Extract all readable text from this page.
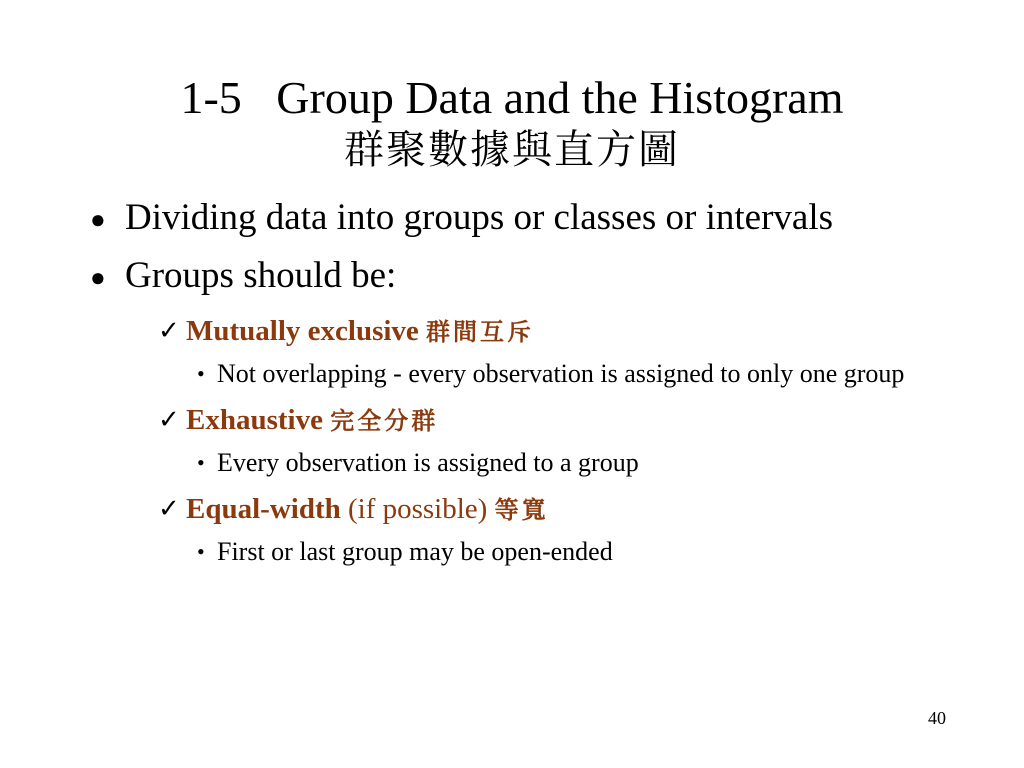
1-5   Group Data and the Histogram
群聚數據與直方圖
● Dividing data into groups or classes or intervals
● Groups should be:
✓ Mutually exclusive 群間互斥
• Not overlapping - every observation is assigned to only one group
✓ Exhaustive 完全分群
• Every observation is assigned to a group
✓ Equal-width (if possible) 等寬
• First or last group may be open-ended
40
